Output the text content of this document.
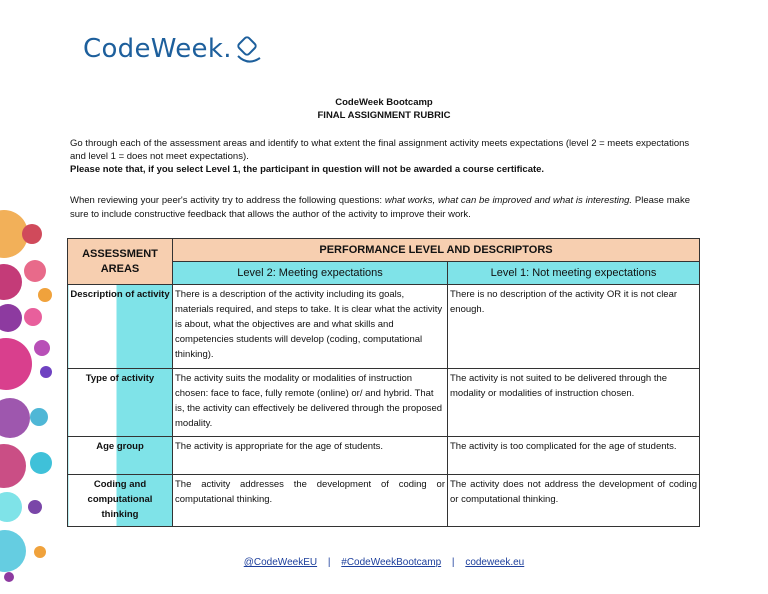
CodeWeek.
CodeWeek Bootcamp
FINAL ASSIGNMENT RUBRIC

Go through each of the assessment areas and identify to what extent the final assignment activity meets expectations (level 2 = meets expectations and level 1 = does not meet expectations).

Please note that, if you select Level 1, the participant in question will not be awarded a course certificate.

When reviewing your peer's activity try to address the following questions: what works, what can be improved and what is interesting. Please make sure to include constructive feedback that allows the author of the activity to improve their work.
ASSESSMENT AREAS	PERFORMANCE LEVEL AND DESCRIPTORS	
	Level 2: Meeting expectations	Level 1: Not meeting expectations
Description of activity	There is a description of the activity including its goals, materials required, and steps to take. It is clear what the activity is about, what the objectives are and what skills and competencies students will develop (coding, computational thinking).	There is no description of the activity OR it is not clear enough.
Type of activity	The activity suits the modality or modalities of instruction chosen: face to face, fully remote (online) or/ and hybrid. That is, the activity can effectively be delivered through the proposed modality.	The activity is not suited to be delivered through the modality or modalities of instruction chosen.
Age group	The activity is appropriate for the age of students.	The activity is too complicated for the age of students.
Coding and computational thinking	The activity addresses the development of coding or computational thinking.	The activity does not address the development of coding or computational thinking.
@CodeWeekEU | #CodeWeekBootcamp | codeweek.eu
